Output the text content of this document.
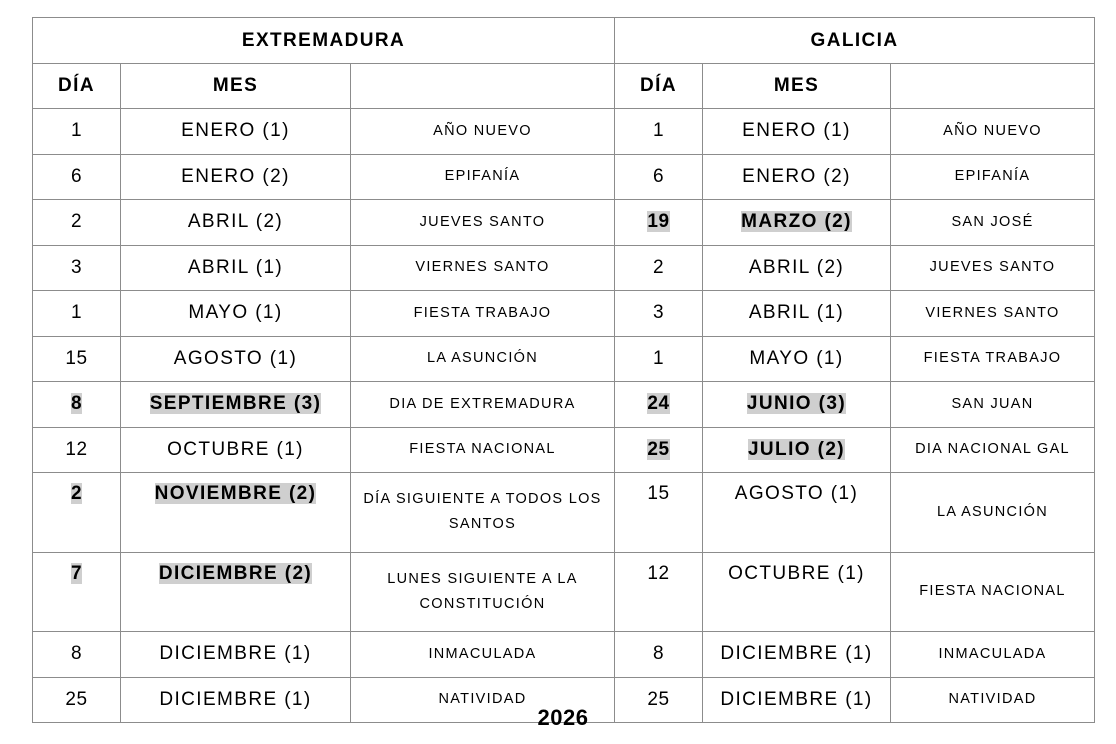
EXTREMADURA			GALICIA		
DÍA	MES		DÍA	MES	
1	ENERO (1)	AÑO NUEVO	1	ENERO (1)	AÑO NUEVO
6	ENERO (2)	EPIFANÍA	6	ENERO (2)	EPIFANÍA
2	ABRIL (2)	JUEVES SANTO	19	MARZO (2)	SAN JOSÉ
3	ABRIL (1)	VIERNES SANTO	2	ABRIL (2)	JUEVES SANTO
1	MAYO (1)	FIESTA TRABAJO	3	ABRIL (1)	VIERNES SANTO
15	AGOSTO (1)	LA ASUNCIÓN	1	MAYO (1)	FIESTA TRABAJO
8	SEPTIEMBRE (3)	DIA DE EXTREMADURA	24	JUNIO (3)	SAN JUAN
12	OCTUBRE (1)	FIESTA NACIONAL	25	JULIO (2)	DIA NACIONAL GAL
2	NOVIEMBRE (2)	DÍA SIGUIENTE A TODOS LOS SANTOS	15	AGOSTO (1)	LA ASUNCIÓN
7	DICIEMBRE (2)	LUNES SIGUIENTE A LA CONSTITUCIÓN	12	OCTUBRE (1)	FIESTA NACIONAL
8	DICIEMBRE (1)	INMACULADA	8	DICIEMBRE (1)	INMACULADA
25	DICIEMBRE (1)	NATIVIDAD	25	DICIEMBRE (1)	NATIVIDAD
2026
